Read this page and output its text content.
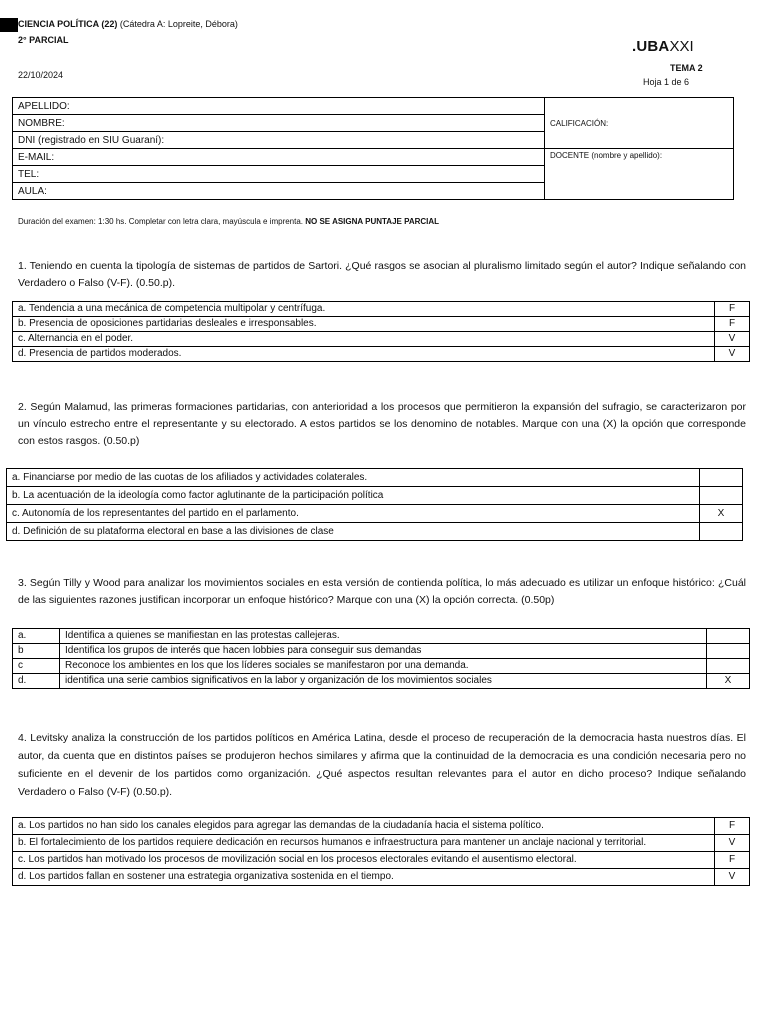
CIENCIA POLÍTICA (22) (Cátedra A: Lopreite, Débora)
2° PARCIAL
22/10/2024
.UBAXXI
TEMA 2
Hoja 1 de 6
APELLIDO:	CALIFICACIÓN:
NOMBRE:	
DNI (registrado en SIU Guaraní):	
E-MAIL:	DOCENTE (nombre y apellido):
TEL:	
AULA:	
Duración del examen: 1:30 hs. Completar con letra clara, mayúscula e imprenta. NO SE ASIGNA PUNTAJE PARCIAL
1. Teniendo en cuenta la tipología de sistemas de partidos de Sartori. ¿Qué rasgos se asocian al pluralismo limitado según el autor? Indique señalando con Verdadero o Falso (V-F). (0.50.p).
a. Tendencia a una mecánica de competencia multipolar y centrífuga.	F
b. Presencia de oposiciones partidarias desleales e irresponsables.	F
c. Alternancia en el poder.	V
d. Presencia de partidos moderados.	V
2. Según Malamud, las primeras formaciones partidarias, con anterioridad a los procesos que permitieron la expansión del sufragio, se caracterizaron por un vínculo estrecho entre el representante y su electorado. A estos partidos se los denomino de notables. Marque con una (X) la opción que corresponde con estos rasgos. (0.50.p)
a. Financiarse por medio de las cuotas de los afiliados y actividades colaterales.	
b. La acentuación de la ideología como factor aglutinante de la participación política	
c. Autonomía de los representantes del partido en el parlamento.	X
d. Definición de su plataforma electoral en base a las divisiones de clase	
3. Según Tilly y Wood para analizar los movimientos sociales en esta versión de contienda política, lo más adecuado es utilizar un enfoque histórico: ¿Cuál de las siguientes razones justifican incorporar un enfoque histórico? Marque con una (X) la opción correcta. (0.50p)
a.	Identifica a quienes se manifiestan en las protestas callejeras.	
b	Identifica los grupos de interés que hacen lobbies para conseguir sus demandas	
c	Reconoce los ambientes en los que los líderes sociales se manifestaron por una demanda.	
d.	identifica una serie cambios significativos en la labor y organización de los movimientos sociales	X
4. Levitsky analiza la construcción de los partidos políticos en América Latina, desde el proceso de recuperación de la democracia hasta nuestros días. El autor, da cuenta que en distintos países se produjeron hechos similares y afirma que la continuidad de la democracia es una condición necesaria pero no suficiente en el devenir de los partidos como organización. ¿Qué aspectos resultan relevantes para el autor en dicho proceso? Indique señalando Verdadero o Falso (V-F) (0.50.p).
a. Los partidos no han sido los canales elegidos para agregar las demandas de la ciudadanía hacia el sistema político.	F
b. El fortalecimiento de los partidos requiere dedicación en recursos humanos e infraestructura para mantener un anclaje nacional y territorial.	V
c. Los partidos han motivado los procesos de movilización social en los procesos electorales evitando el ausentismo electoral.	F
d. Los partidos fallan en sostener una estrategia organizativa sostenida en el tiempo.	V
